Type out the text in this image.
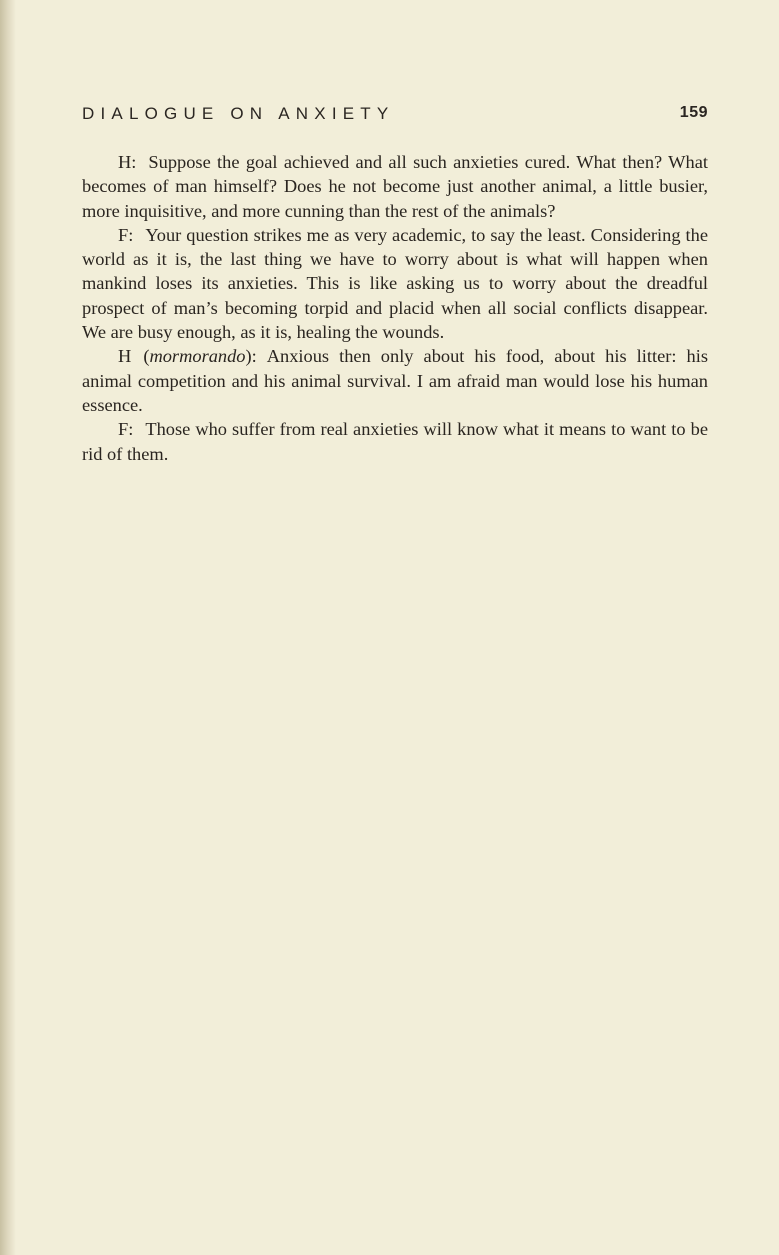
DIALOGUE ON ANXIETY	159

H: Suppose the goal achieved and all such anxieties cured. What then? What becomes of man himself? Does he not become just another animal, a little busier, more inquisitive, and more cunning than the rest of the animals?

F: Your question strikes me as very academic, to say the least. Considering the world as it is, the last thing we have to worry about is what will happen when mankind loses its anxieties. This is like asking us to worry about the dreadful prospect of man’s becoming torpid and placid when all social conflicts disappear. We are busy enough, as it is, healing the wounds.

H (mormorando): Anxious then only about his food, about his litter: his animal competition and his animal survival. I am afraid man would lose his human essence.

F: Those who suffer from real anxieties will know what it means to want to be rid of them.
